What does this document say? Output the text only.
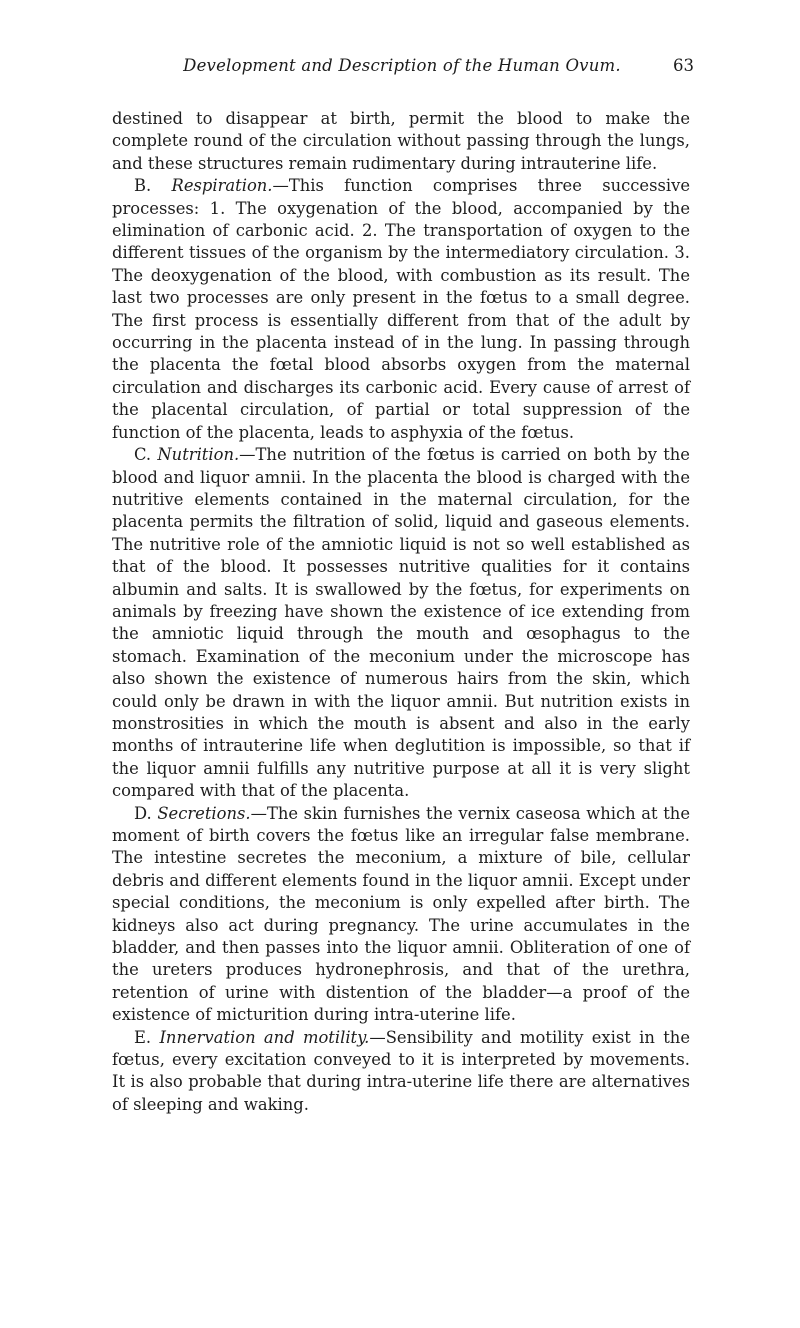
Development and Description of the Human Ovum.	63

destined to disappear at birth, permit the blood to make the complete round of the circulation without passing through the lungs, and these structures remain rudimentary during intrauterine life.

B. Respiration.—This function comprises three successive processes: 1. The oxygenation of the blood, accompanied by the elimination of carbonic acid. 2. The transportation of oxygen to the different tissues of the organism by the intermediatory circulation. 3. The deoxygenation of the blood, with combustion as its result. The last two processes are only present in the fœtus to a small degree. The first process is essentially different from that of the adult by occurring in the placenta instead of in the lung. In passing through the placenta the fœtal blood absorbs oxygen from the maternal circulation and discharges its carbonic acid. Every cause of arrest of the placental circulation, of partial or total suppression of the function of the placenta, leads to asphyxia of the fœtus.

C. Nutrition.—The nutrition of the fœtus is carried on both by the blood and liquor amnii. In the placenta the blood is charged with the nutritive elements contained in the maternal circulation, for the placenta permits the filtration of solid, liquid and gaseous elements. The nutritive role of the amniotic liquid is not so well established as that of the blood. It possesses nutritive qualities for it contains albumin and salts. It is swallowed by the fœtus, for experiments on animals by freezing have shown the existence of ice extending from the amniotic liquid through the mouth and œsophagus to the stomach. Examination of the meconium under the microscope has also shown the existence of numerous hairs from the skin, which could only be drawn in with the liquor amnii. But nutrition exists in monstrosities in which the mouth is absent and also in the early months of intrauterine life when deglutition is impossible, so that if the liquor amnii fulfills any nutritive purpose at all it is very slight compared with that of the placenta.

D. Secretions.—The skin furnishes the vernix caseosa which at the moment of birth covers the fœtus like an irregular false membrane. The intestine secretes the meconium, a mixture of bile, cellular debris and different elements found in the liquor amnii. Except under special conditions, the meconium is only expelled after birth. The kidneys also act during pregnancy. The urine accumulates in the bladder, and then passes into the liquor amnii. Obliteration of one of the ureters produces hydronephrosis, and that of the urethra, retention of urine with distention of the bladder—a proof of the existence of micturition during intra-uterine life.

E. Innervation and motility.—Sensibility and motility exist in the fœtus, every excitation conveyed to it is interpreted by movements. It is also probable that during intra-uterine life there are alternatives of sleeping and waking.
